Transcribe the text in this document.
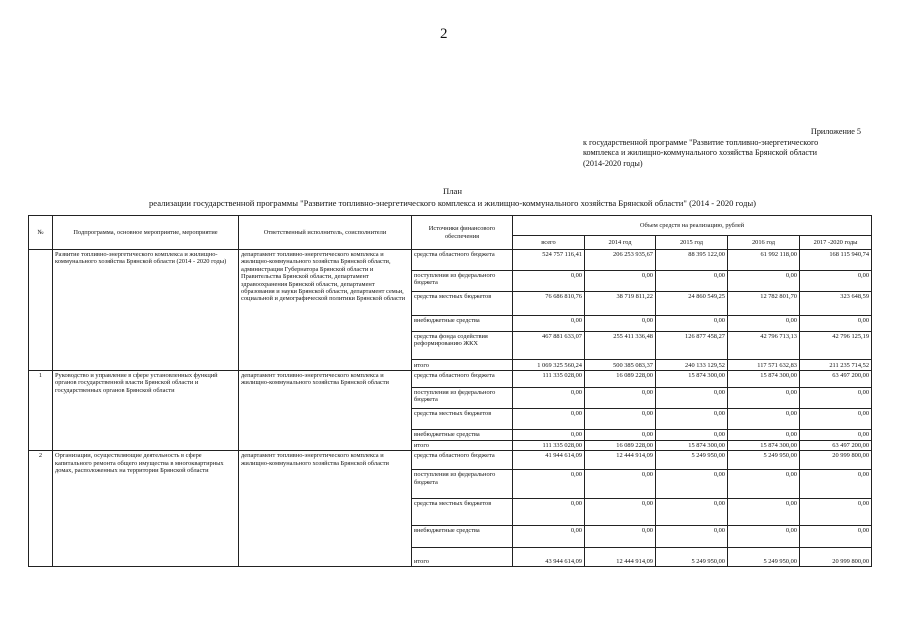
2
Приложение 5
к государственной программе "Развитие топливно-энергетического
комплекса и жилищно-коммунального хозяйства Брянской области
(2014-2020 годы)
План
реализации государственной программы "Развитие топливно-энергетического комплекса и жилищно-коммунального хозяйства Брянской области" (2014 - 2020 годы)
№	Подпрограмма, основное мероприятие, мероприятие	Ответственный исполнитель, соисполнители	Источники финансового обеспечения	Объем средств на реализацию, рублей				
				всего	2014 год	2015 год	2016 год	2017 -2020 годы
	Развитие топливно-энергетического комплекса и жилищно-коммунального хозяйства Брянской области (2014 - 2020 годы)	департамент топливно-энергетического комплекса и жилищно-коммунального хозяйства Брянской области, администрация Губернатора Брянской области и Правительства Брянской области, департамент здравоохранения Брянской области, департамент образования и науки Брянской области, департамент семьи, социальной и демографической политики Брянской области	средства областного бюджета	524 757 116,41	206 253 935,67	88 395 122,00	61 992 118,00	168 115 940,74
			поступления из федерального бюджета	0,00	0,00	0,00	0,00	0,00
			средства местных бюджетов	76 686 810,76	38 719 811,22	24 860 549,25	12 782 801,70	323 648,59
			внебюджетные средства	0,00	0,00	0,00	0,00	0,00
			средства фонда содействия реформированию ЖКХ	467 881 633,07	255 411 336,48	126 877 458,27	42 796 713,13	42 796 125,19
			итого	1 069 325 560,24	500 385 083,37	240 133 129,52	117 571 632,83	211 235 714,52
1	Руководство и управление в сфере установленных функций органов государственной власти Брянской области и государственных органов Брянской области	департамент топливно-энергетического комплекса и жилищно-коммунального хозяйства Брянской области	средства областного бюджета	111 335 028,00	16 089 228,00	15 874 300,00	15 874 300,00	63 497 200,00
			поступления из федерального бюджета	0,00	0,00	0,00	0,00	0,00
			средства местных бюджетов	0,00	0,00	0,00	0,00	0,00
			внебюджетные средства	0,00	0,00	0,00	0,00	0,00
			итого	111 335 028,00	16 089 228,00	15 874 300,00	15 874 300,00	63 497 200,00
2	Организации, осуществляющие деятельность в сфере капитального ремонта общего имущества в многоквартирных домах, расположенных на территории Брянской области	департамент топливно-энергетического комплекса и жилищно-коммунального хозяйства Брянской области	средства областного бюджета	41 944 614,09	12 444 914,09	5 249 950,00	5 249 950,00	20 999 800,00
			поступления из федерального бюджета	0,00	0,00	0,00	0,00	0,00
			средства местных бюджетов	0,00	0,00	0,00	0,00	0,00
			внебюджетные средства	0,00	0,00	0,00	0,00	0,00
			итого	43 944 614,09	12 444 914,09	5 249 950,00	5 249 950,00	20 999 800,00
